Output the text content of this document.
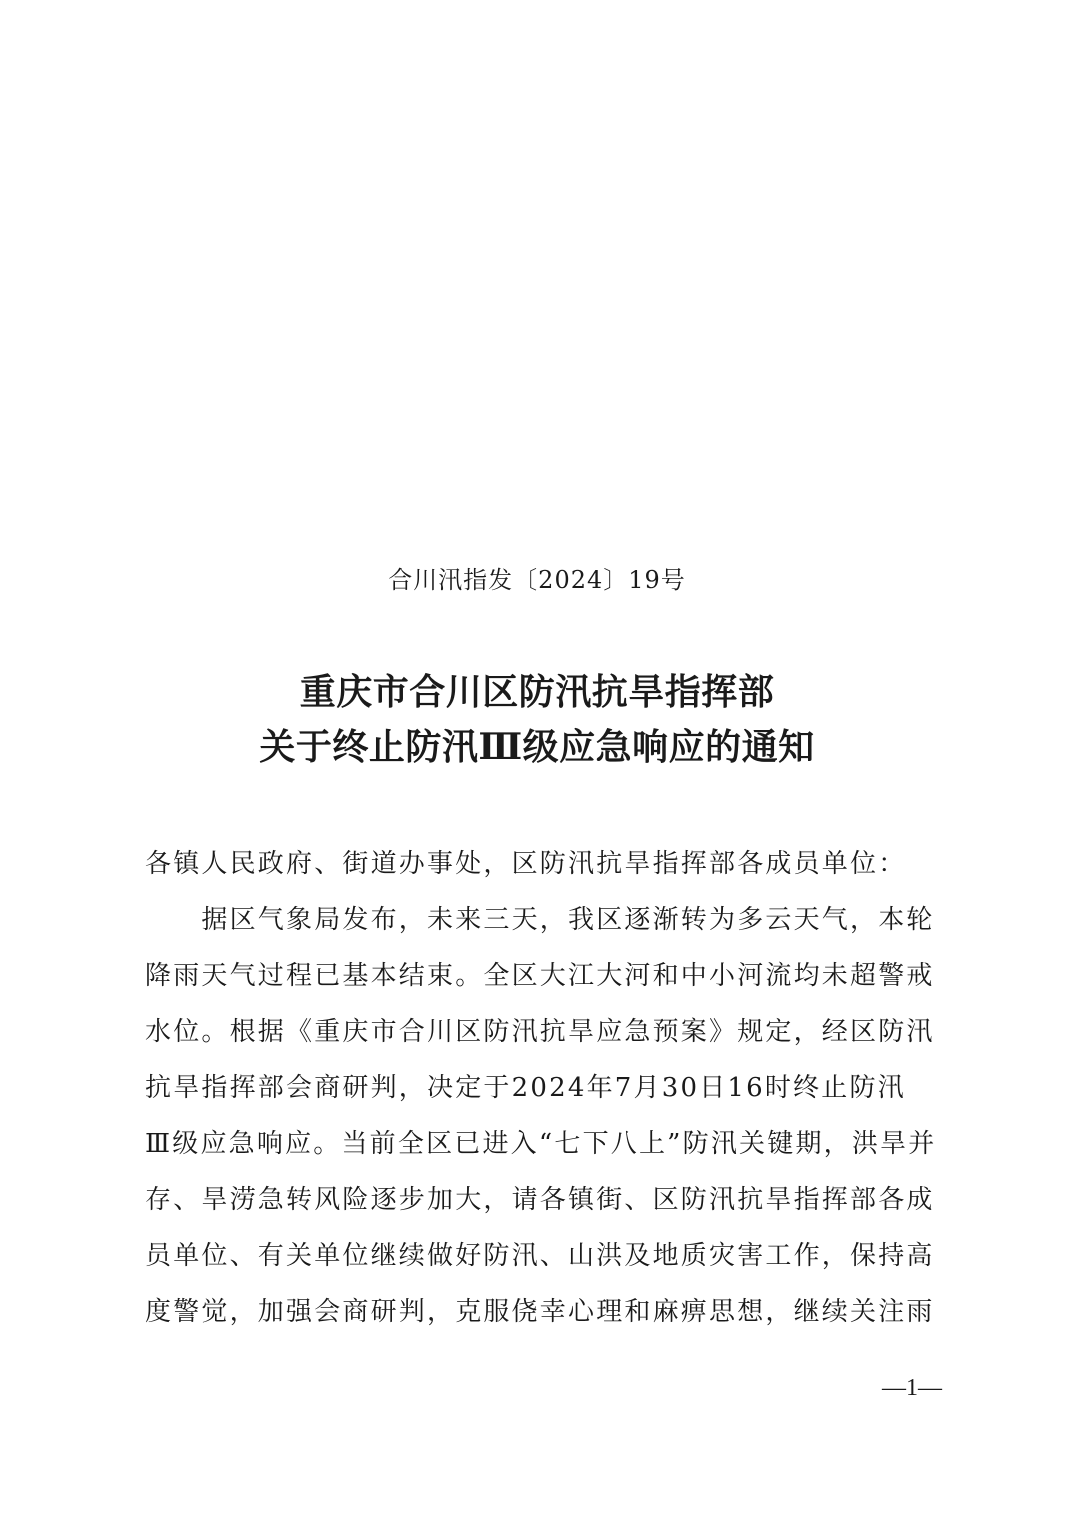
合川汛指发〔2024〕19号
重庆市合川区防汛抗旱指挥部
关于终止防汛Ⅲ级应急响应的通知
各镇人民政府、街道办事处，区防汛抗旱指挥部各成员单位：
　　据区气象局发布，未来三天，我区逐渐转为多云天气，本轮
降雨天气过程已基本结束。全区大江大河和中小河流均未超警戒
水位。根据《重庆市合川区防汛抗旱应急预案》规定，经区防汛
抗旱指挥部会商研判，决定于2024年7月30日16时终止防汛
Ⅲ级应急响应。当前全区已进入“七下八上”防汛关键期，洪旱并
存、旱涝急转风险逐步加大，请各镇街、区防汛抗旱指挥部各成
员单位、有关单位继续做好防汛、山洪及地质灾害工作，保持高
度警觉，加强会商研判，克服侥幸心理和麻痹思想，继续关注雨
—1—
